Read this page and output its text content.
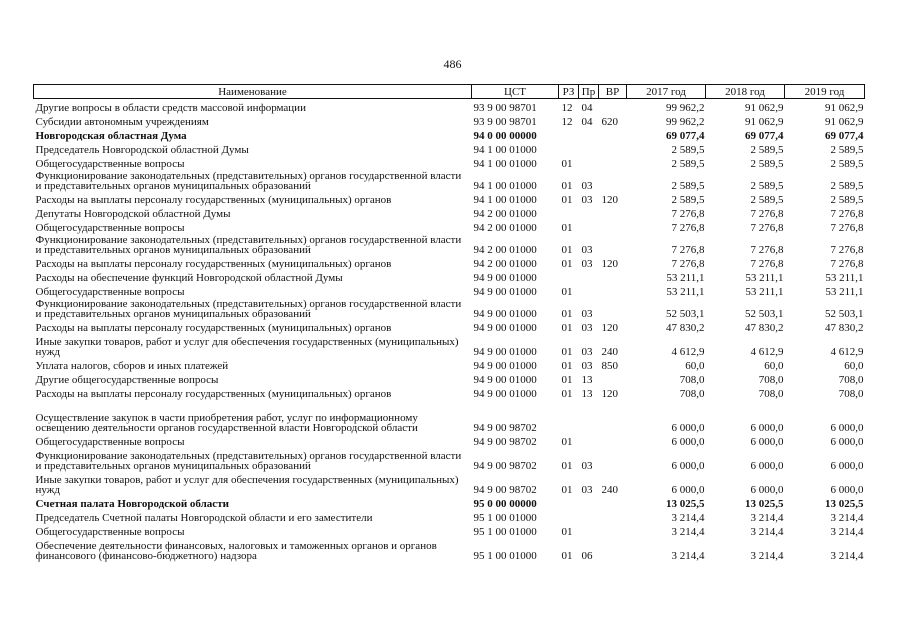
486
Наименование	ЦСТ	РЗ	Пр	ВР	2017 год	2018 год	2019 год
Другие вопросы в области средств массовой информации	93 9 00 98701	12	04		99 962,2	91 062,9	91 062,9
Субсидии автономным учреждениям	93 9 00 98701	12	04	620	99 962,2	91 062,9	91 062,9
Новгородская областная Дума	94 0 00 00000				69 077,4	69 077,4	69 077,4
Председатель Новгородской областной Думы	94 1 00 01000				2 589,5	2 589,5	2 589,5
Общегосударственные вопросы	94 1 00 01000	01			2 589,5	2 589,5	2 589,5
Функционирование законодательных (представительных) органов государственной власти и представительных органов муниципальных образований	94 1 00 01000	01	03		2 589,5	2 589,5	2 589,5
Расходы на выплаты персоналу государственных (муниципальных) органов	94 1 00 01000	01	03	120	2 589,5	2 589,5	2 589,5
Депутаты Новгородской областной Думы	94 2 00 01000				7 276,8	7 276,8	7 276,8
Общегосударственные вопросы	94 2 00 01000	01			7 276,8	7 276,8	7 276,8
Функционирование законодательных (представительных) органов государственной власти и представительных органов муниципальных образований	94 2 00 01000	01	03		7 276,8	7 276,8	7 276,8
Расходы на выплаты персоналу государственных (муниципальных) органов	94 2 00 01000	01	03	120	7 276,8	7 276,8	7 276,8
Расходы на обеспечение функций Новгородской областной Думы	94 9 00 01000				53 211,1	53 211,1	53 211,1
Общегосударственные вопросы	94 9 00 01000	01			53 211,1	53 211,1	53 211,1
Функционирование законодательных (представительных) органов государственной власти и представительных органов муниципальных образований	94 9 00 01000	01	03		52 503,1	52 503,1	52 503,1
Расходы на выплаты персоналу государственных (муниципальных) органов	94 9 00 01000	01	03	120	47 830,2	47 830,2	47 830,2
Иные закупки товаров, работ и услуг для обеспечения государственных (муниципальных) нужд	94 9 00 01000	01	03	240	4 612,9	4 612,9	4 612,9
Уплата налогов, сборов и иных платежей	94 9 00 01000	01	03	850	60,0	60,0	60,0
Другие общегосударственные вопросы	94 9 00 01000	01	13		708,0	708,0	708,0
Расходы на выплаты персоналу государственных (муниципальных) органов	94 9 00 01000	01	13	120	708,0	708,0	708,0
Осуществление закупок в части приобретения работ, услуг по информационному освещению деятельности органов государственной власти Новгородской области	94 9 00 98702				6 000,0	6 000,0	6 000,0
Общегосударственные вопросы	94 9 00 98702	01			6 000,0	6 000,0	6 000,0
Функционирование законодательных (представительных) органов государственной власти и представительных органов муниципальных образований	94 9 00 98702	01	03		6 000,0	6 000,0	6 000,0
Иные закупки товаров, работ и услуг для обеспечения государственных (муниципальных) нужд	94 9 00 98702	01	03	240	6 000,0	6 000,0	6 000,0
Счетная палата Новгородской области	95 0 00 00000				13 025,5	13 025,5	13 025,5
Председатель Счетной палаты Новгородской области и его заместители	95 1 00 01000				3 214,4	3 214,4	3 214,4
Общегосударственные вопросы	95 1 00 01000	01			3 214,4	3 214,4	3 214,4
Обеспечение деятельности финансовых, налоговых и таможенных органов и органов финансового (финансово-бюджетного) надзора	95 1 00 01000	01	06		3 214,4	3 214,4	3 214,4
